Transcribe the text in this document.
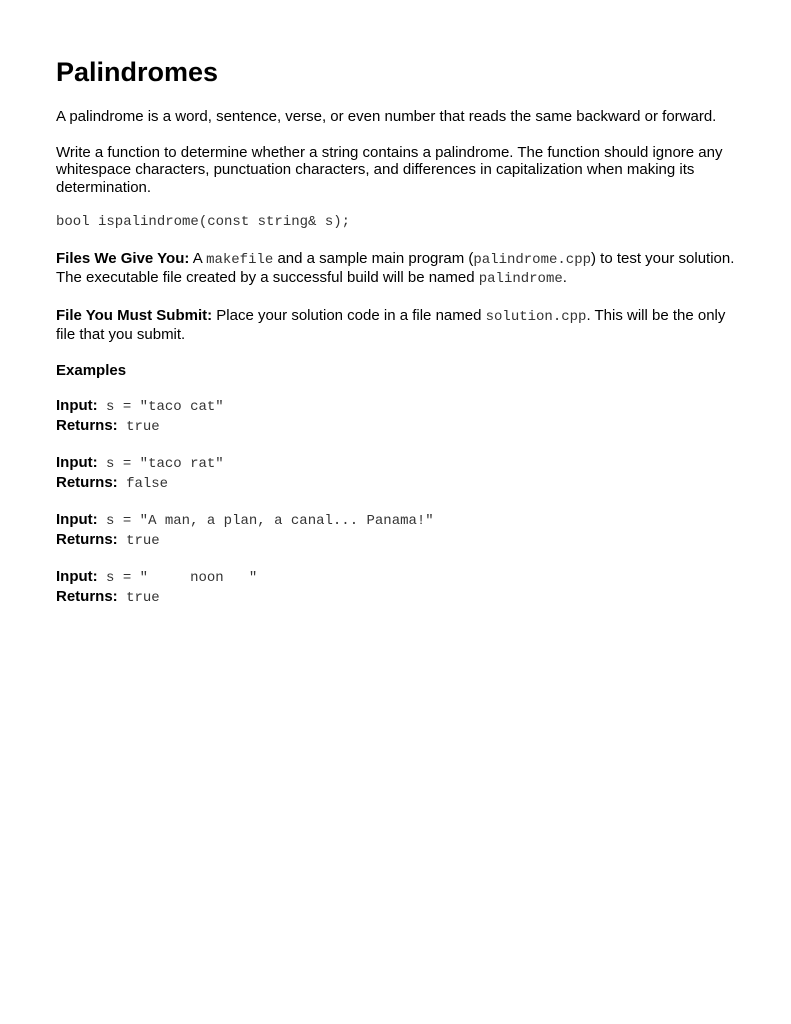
Palindromes

A palindrome is a word, sentence, verse, or even number that reads the same backward or forward.

Write a function to determine whether a string contains a palindrome. The function should ignore any whitespace characters, punctuation characters, and differences in capitalization when making its determination.

bool ispalindrome(const string& s);

Files We Give You: A makefile and a sample main program (palindrome.cpp) to test your solution. The executable file created by a successful build will be named palindrome.

File You Must Submit: Place your solution code in a file named solution.cpp. This will be the only file that you submit.

Examples

Input: s = "taco cat"
Returns: true
Input: s = "taco rat"
Returns: false
Input: s = "A man, a plan, a canal... Panama!"
Returns: true
Input: s = "     noon   "
Returns: true
